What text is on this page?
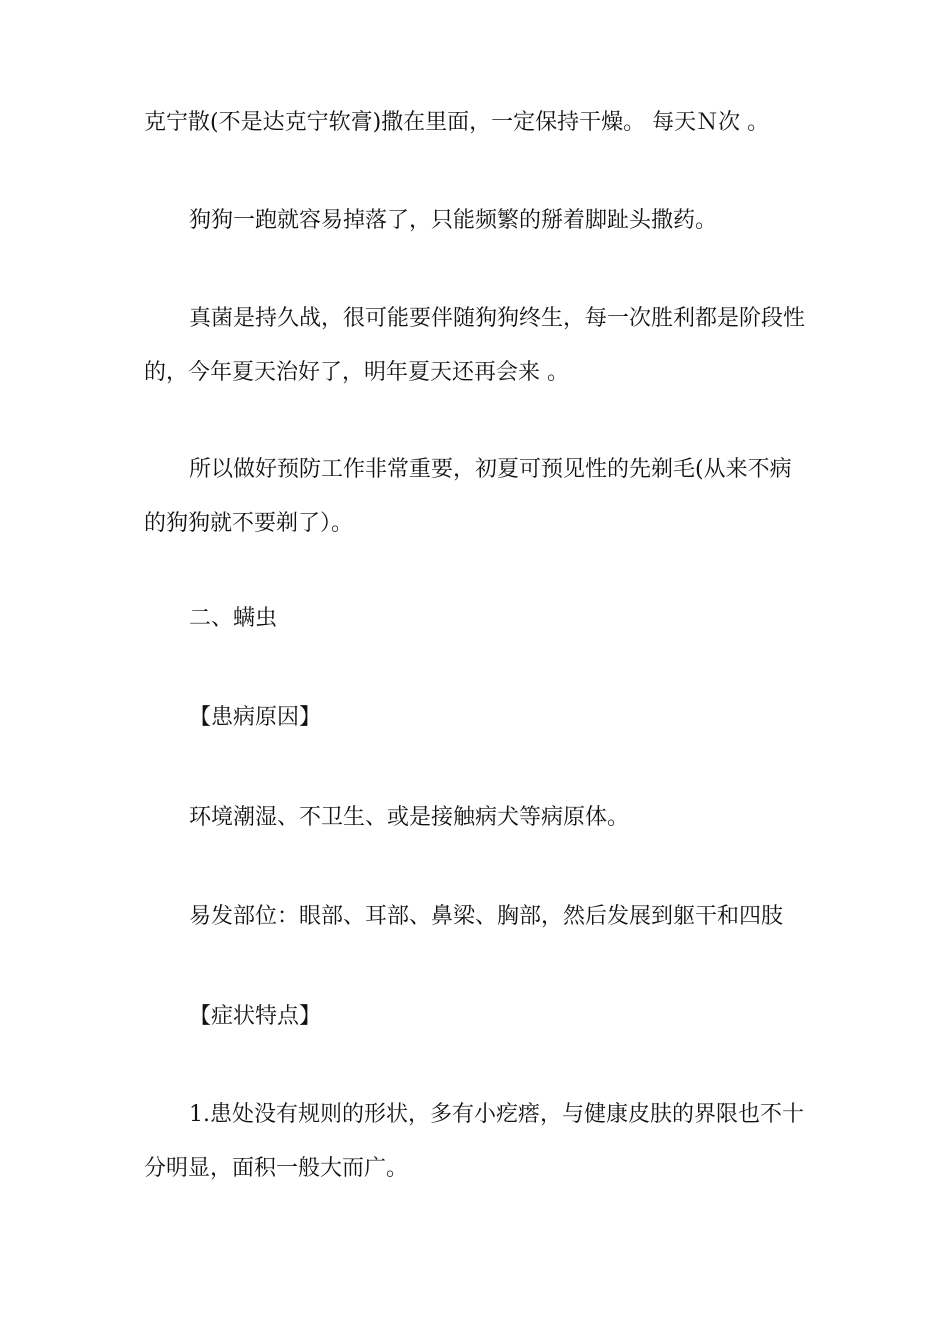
克宁散(不是达克宁软膏)撒在里面，一定保持干燥。 每天Ｎ次 。

狗狗一跑就容易掉落了，只能频繁的掰着脚趾头撒药。

真菌是持久战，很可能要伴随狗狗终生，每一次胜利都是阶段性
的，今年夏天治好了，明年夏天还再会来 。

所以做好预防工作非常重要，初夏可预见性的先剃毛(从来不病
的狗狗就不要剃了）。

二、螨虫

【患病原因】

环境潮湿、不卫生、或是接触病犬等病原体。

易发部位：眼部、耳部、鼻梁、胸部，然后发展到躯干和四肢

【症状特点】

1.患处没有规则的形状，多有小疙瘩，与健康皮肤的界限也不十
分明显，面积一般大而广。
